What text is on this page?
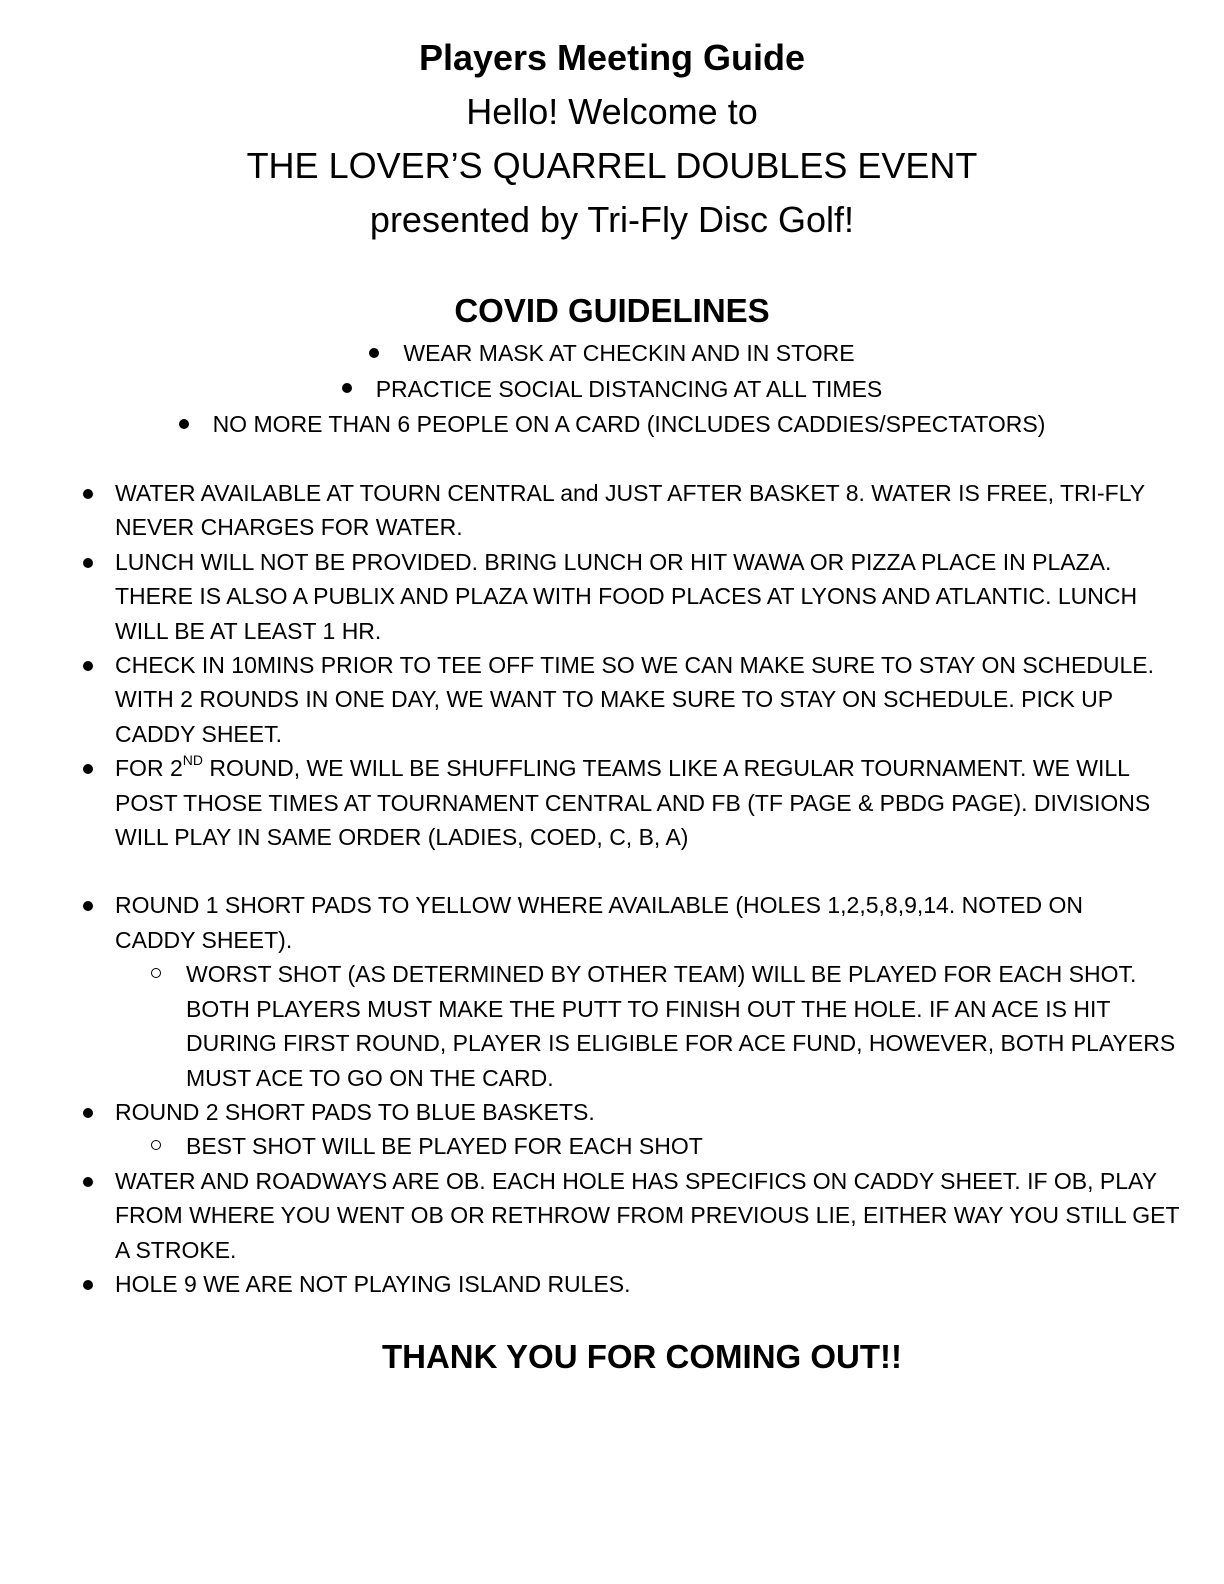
Players Meeting Guide

Hello! Welcome to

THE LOVER’S QUARREL DOUBLES EVENT

presented by Tri-Fly Disc Golf!

COVID GUIDELINES
WEAR MASK AT CHECKIN AND IN STORE
PRACTICE SOCIAL DISTANCING AT ALL TIMES
NO MORE THAN 6 PEOPLE ON A CARD (INCLUDES CADDIES/SPECTATORS)
WATER AVAILABLE AT TOURN CENTRAL and JUST AFTER BASKET 8. WATER IS FREE, TRI-FLY
NEVER CHARGES FOR WATER.
LUNCH WILL NOT BE PROVIDED. BRING LUNCH OR HIT WAWA OR PIZZA PLACE IN PLAZA.
THERE IS ALSO A PUBLIX AND PLAZA WITH FOOD PLACES AT LYONS AND ATLANTIC. LUNCH
WILL BE AT LEAST 1 HR.
CHECK IN 10MINS PRIOR TO TEE OFF TIME SO WE CAN MAKE SURE TO STAY ON SCHEDULE.
WITH 2 ROUNDS IN ONE DAY, WE WANT TO MAKE SURE TO STAY ON SCHEDULE. PICK UP
CADDY SHEET.
FOR 2ND ROUND, WE WILL BE SHUFFLING TEAMS LIKE A REGULAR TOURNAMENT. WE WILL
POST THOSE TIMES AT TOURNAMENT CENTRAL AND FB (TF PAGE & PBDG PAGE). DIVISIONS
WILL PLAY IN SAME ORDER (LADIES, COED, C, B, A)
ROUND 1 SHORT PADS TO YELLOW WHERE AVAILABLE (HOLES 1,2,5,8,9,14. NOTED ON
CADDY SHEET).
WORST SHOT (AS DETERMINED BY OTHER TEAM) WILL BE PLAYED FOR EACH SHOT.
BOTH PLAYERS MUST MAKE THE PUTT TO FINISH OUT THE HOLE. IF AN ACE IS HIT
DURING FIRST ROUND, PLAYER IS ELIGIBLE FOR ACE FUND, HOWEVER, BOTH PLAYERS
MUST ACE TO GO ON THE CARD.
ROUND 2 SHORT PADS TO BLUE BASKETS.
BEST SHOT WILL BE PLAYED FOR EACH SHOT
WATER AND ROADWAYS ARE OB. EACH HOLE HAS SPECIFICS ON CADDY SHEET. IF OB, PLAY
FROM WHERE YOU WENT OB OR RETHROW FROM PREVIOUS LIE, EITHER WAY YOU STILL GET
A STROKE.
HOLE 9 WE ARE NOT PLAYING ISLAND RULES.
THANK YOU FOR COMING OUT!!
